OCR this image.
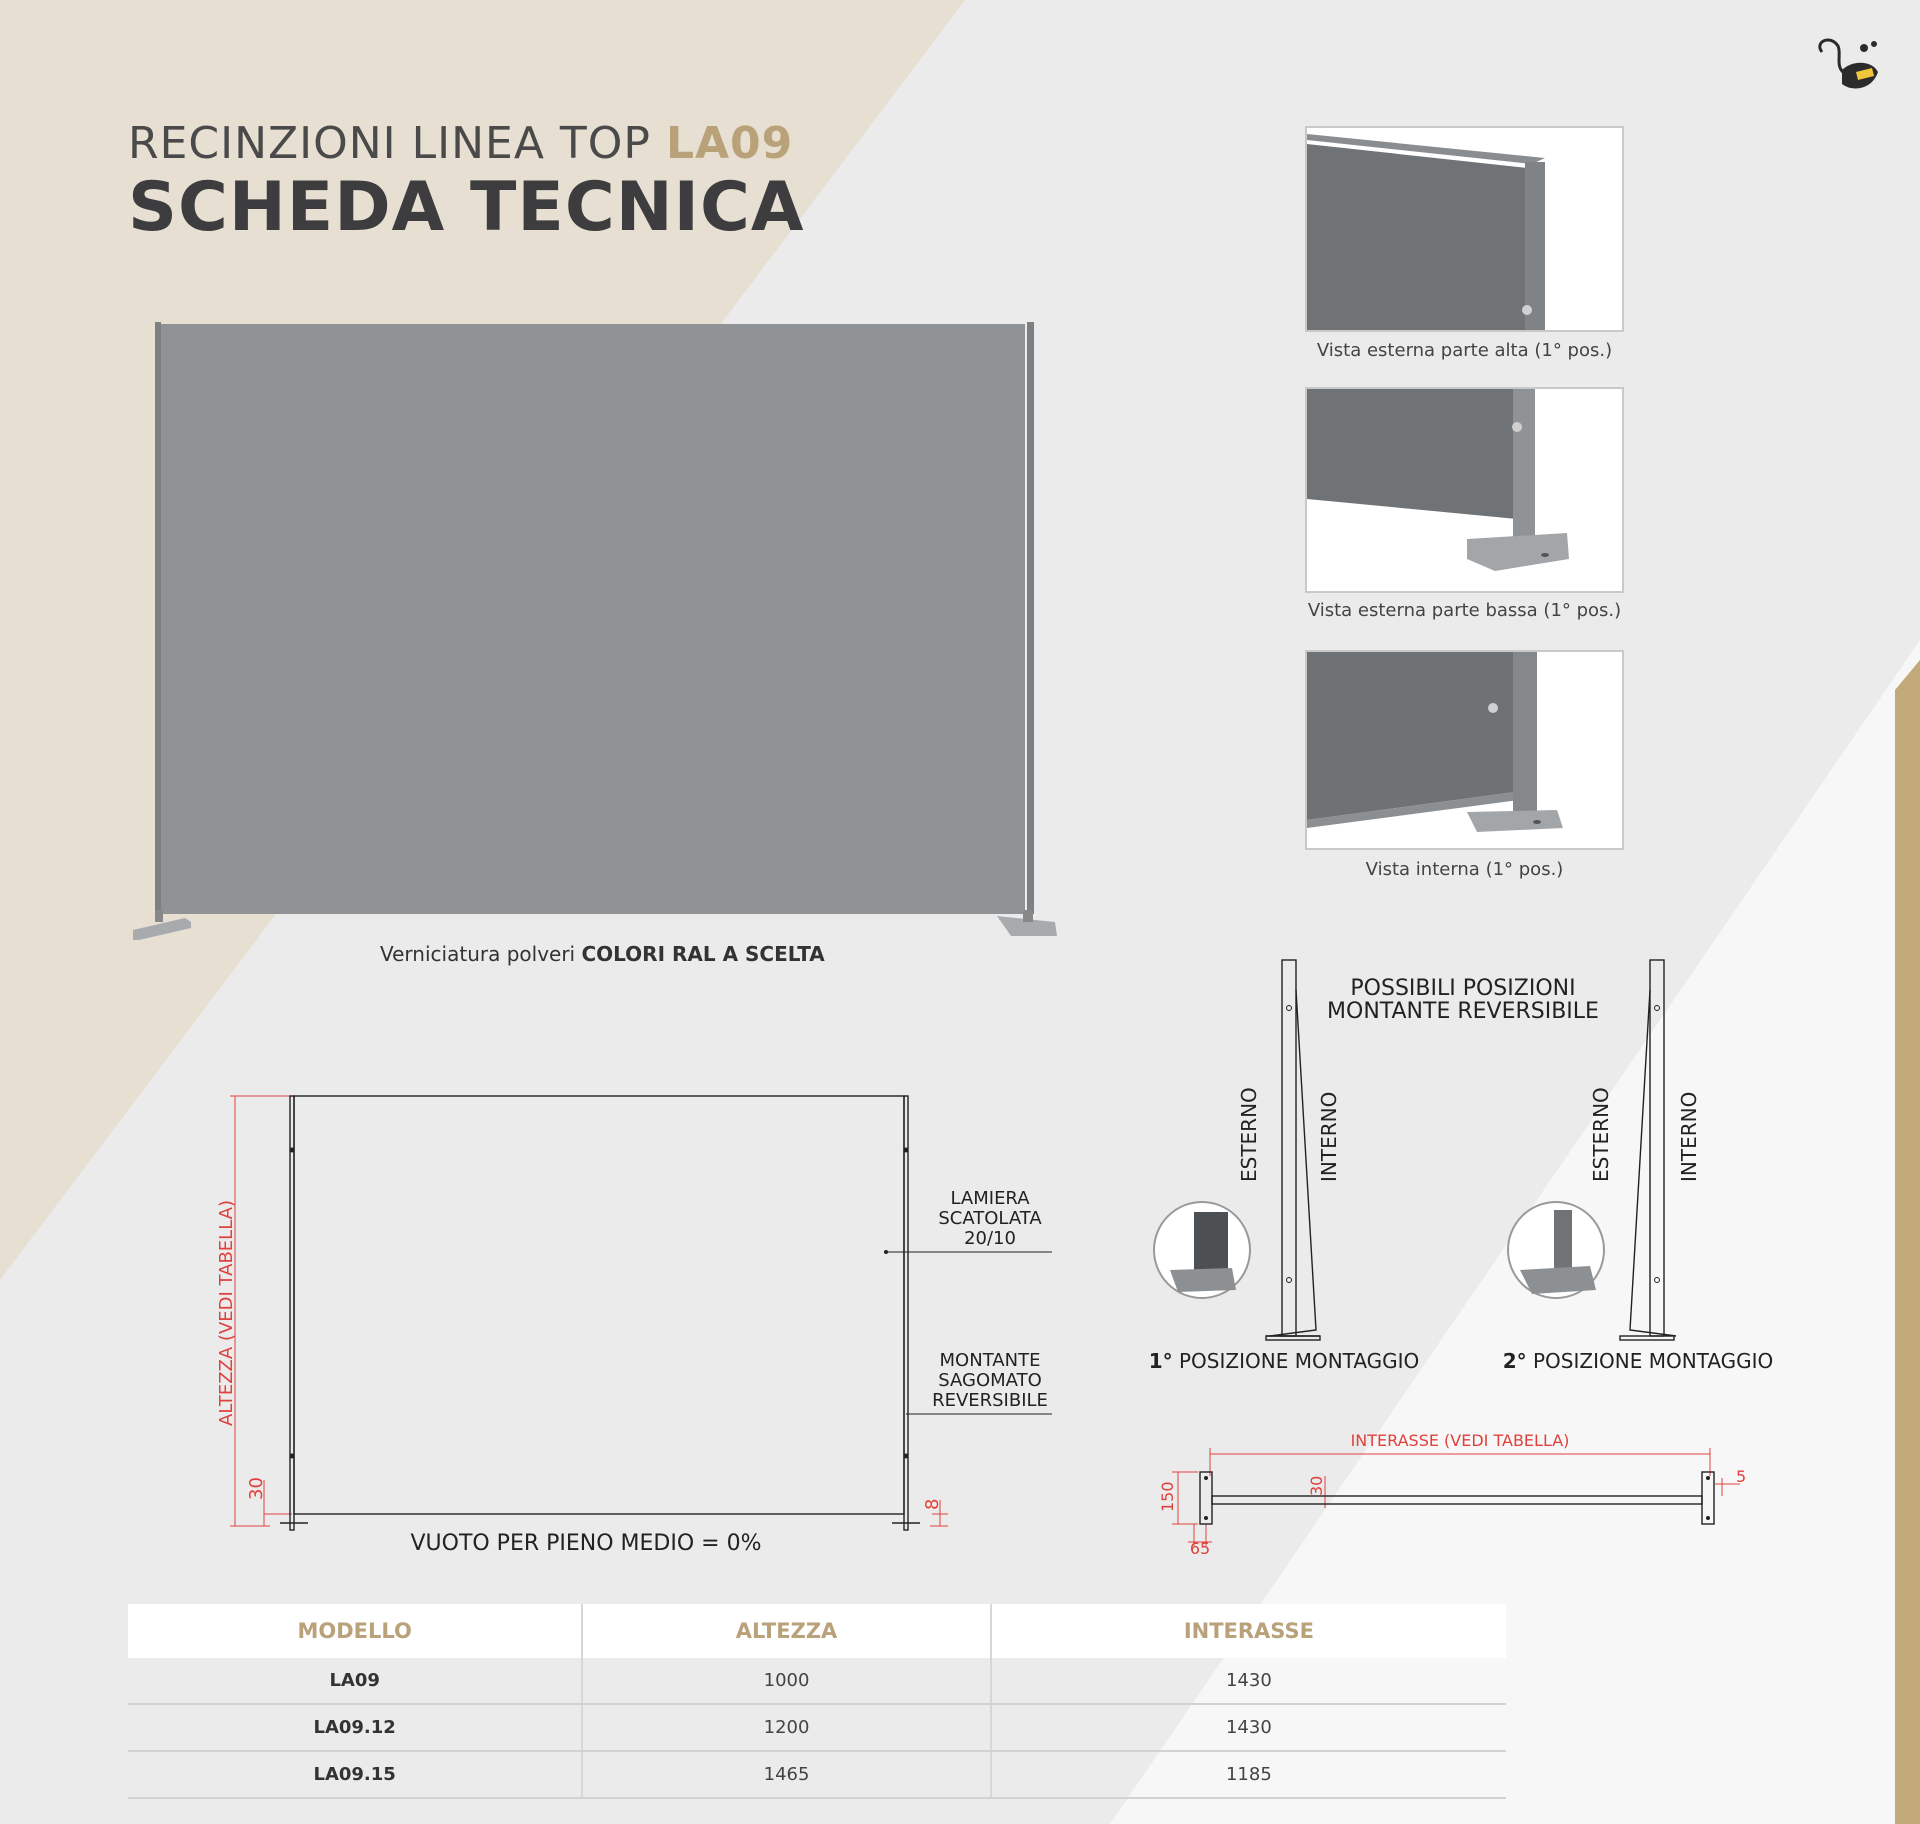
RECINZIONI LINEA TOP LA09
SCHEDA TECNICA
Verniciatura polveri COLORI RAL A SCELTA
Vista esterna parte alta (1° pos.)
Vista esterna parte bassa (1° pos.)
Vista interna (1° pos.)
ALTEZZA (VEDI TABELLA)
30
8
LAMIERA
SCATOLATA
20/10
MONTANTE
SAGOMATO
REVERSIBILE
VUOTO PER PIENO MEDIO = 0%
POSSIBILI POSIZIONI
MONTANTE REVERSIBILE
ESTERNO	INTERNO	ESTERNO	INTERNO
1° POSIZIONE MONTAGGIO	2° POSIZIONE MONTAGGIO
INTERASSE (VEDI TABELLA)
150
65
30	5
MODELLO	ALTEZZA	INTERASSE
LA09	1000	1430
LA09.12	1200	1430
LA09.15	1465	1185
